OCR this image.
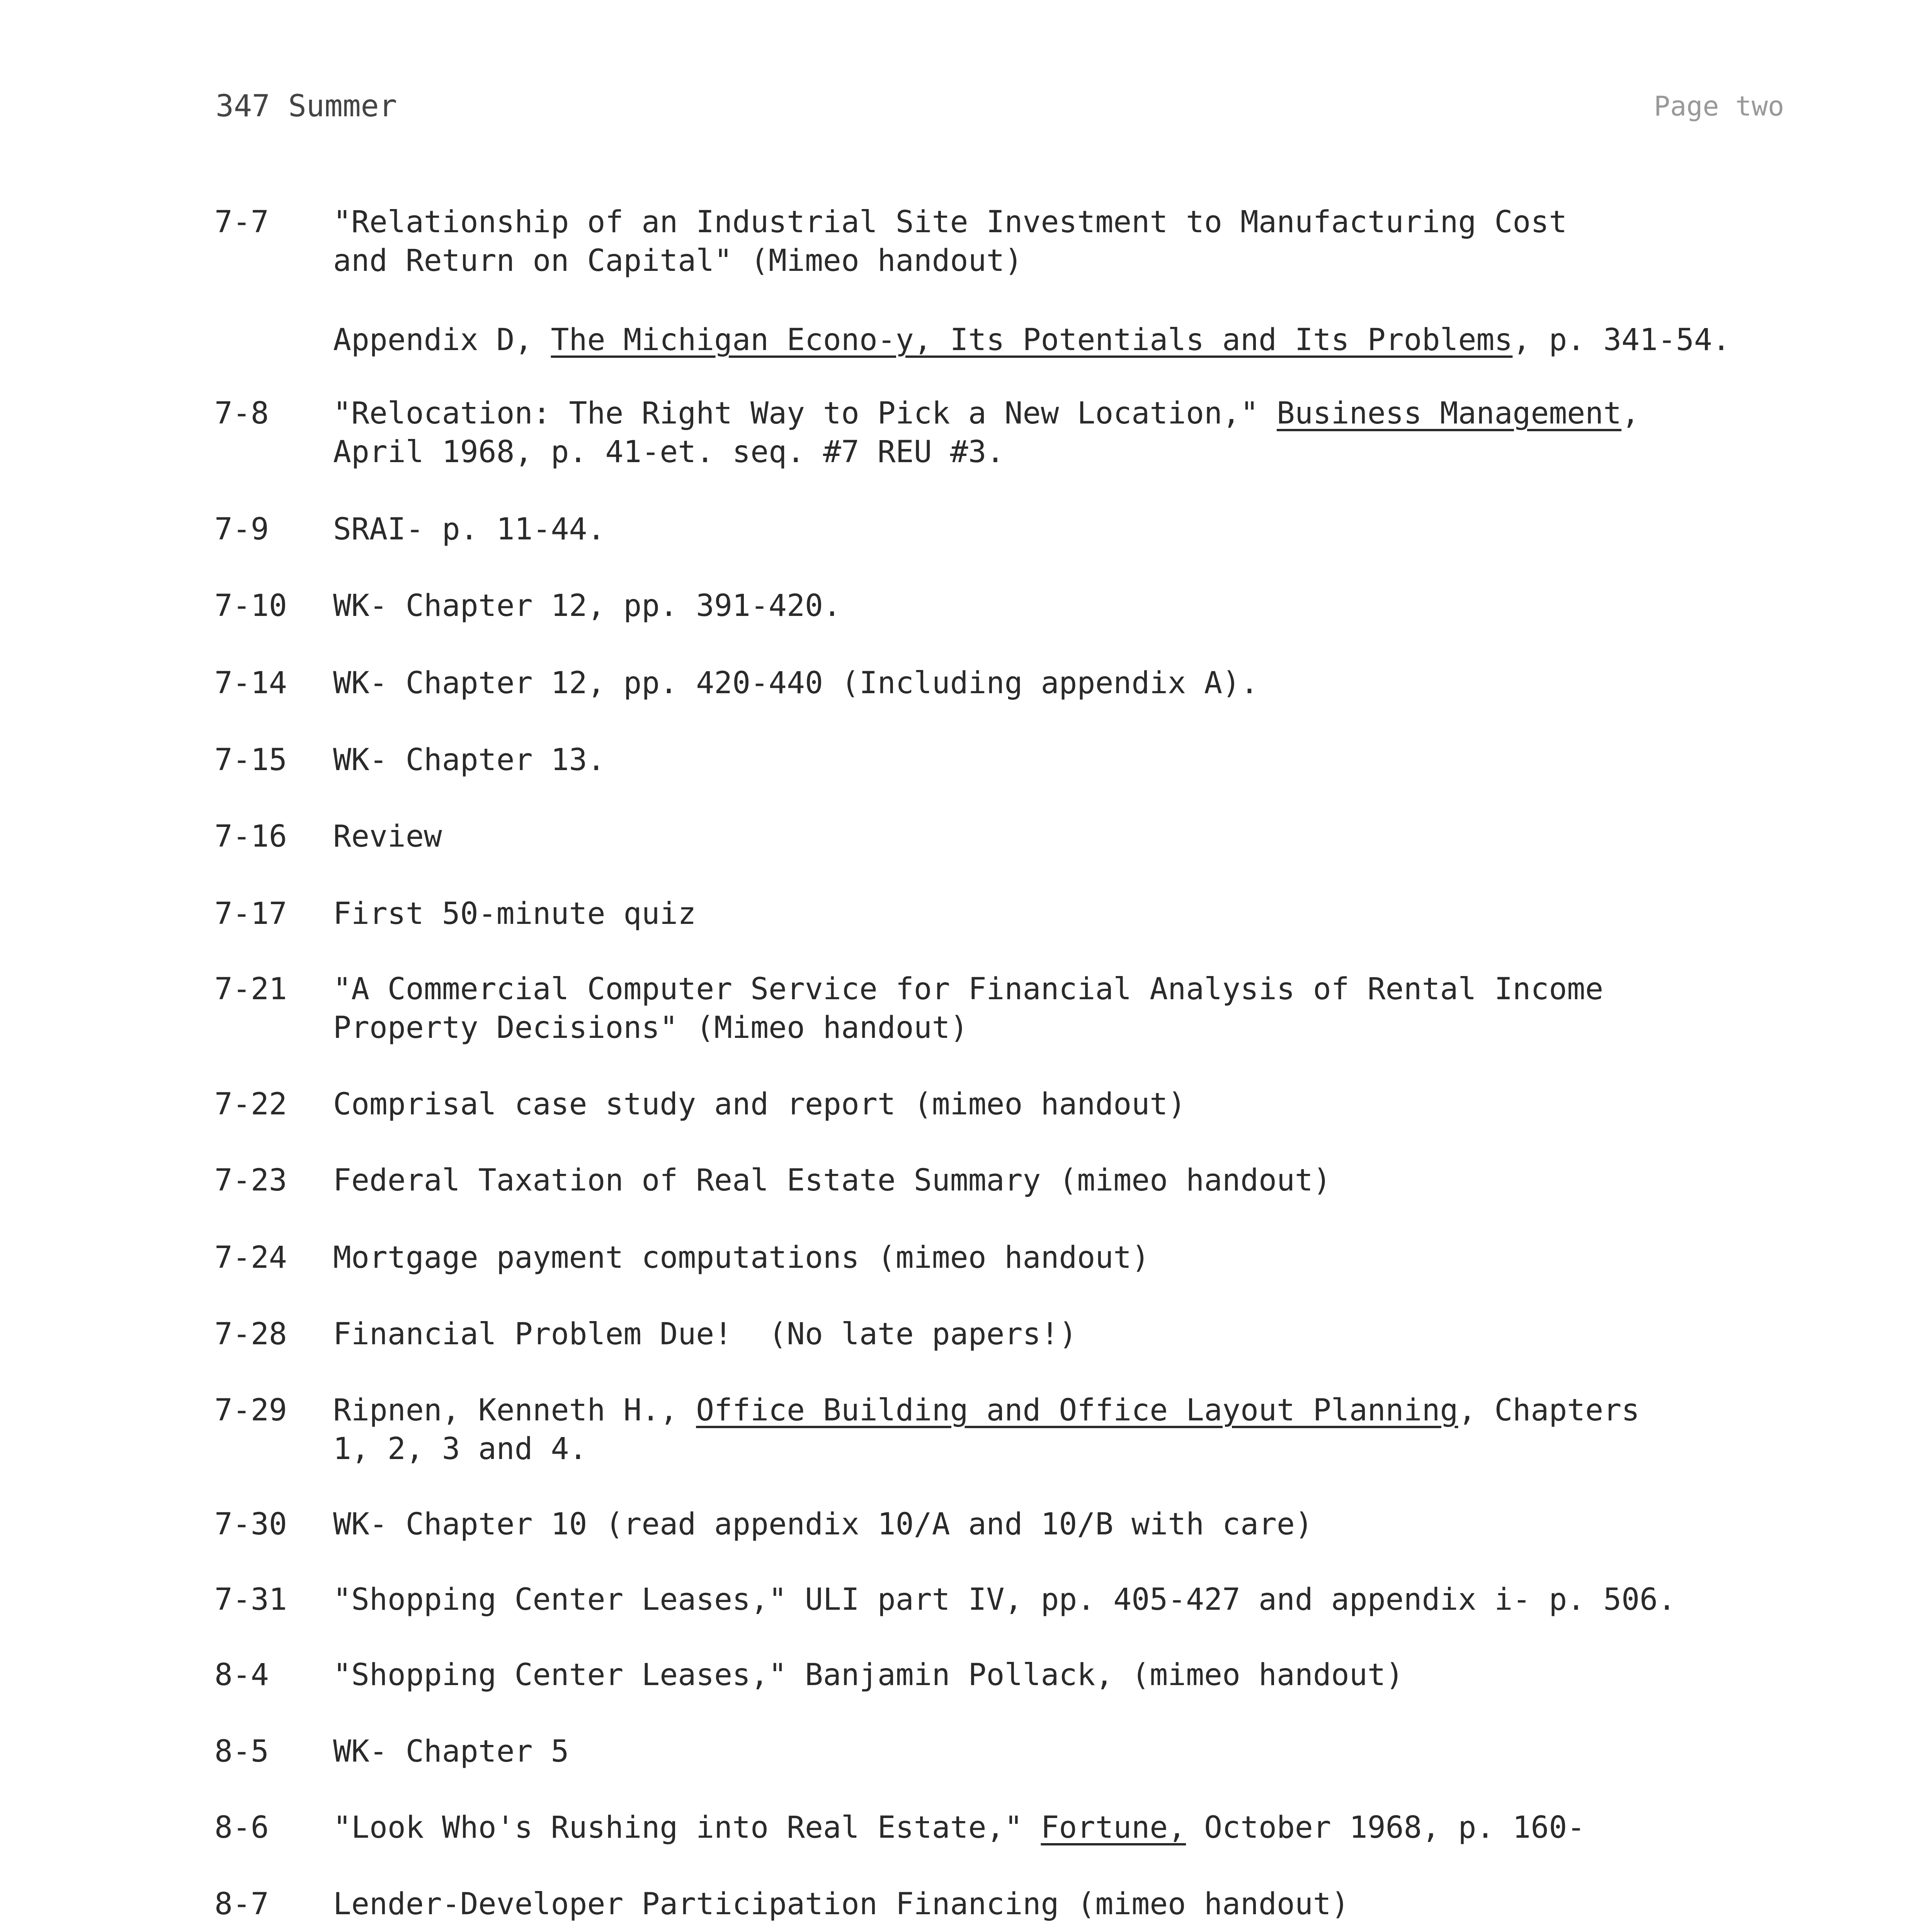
347 Summer	Page two
7-7	"Relationship of an Industrial Site Investment to Manufacturing Cost
and Return on Capital" (Mimeo handout)
Appendix D, The Michigan Econo-y, Its Potentials and Its Problems, p. 341-54.
7-8	"Relocation: The Right Way to Pick a New Location," Business Management,
April 1968, p. 41-et. seq. #7 REU #3.
7-9	SRAI- p. 11-44.
7-10	WK- Chapter 12, pp. 391-420.
7-14	WK- Chapter 12, pp. 420-440 (Including appendix A).
7-15	WK- Chapter 13.
7-16	Review
7-17	First 50-minute quiz
7-21	"A Commercial Computer Service for Financial Analysis of Rental Income
Property Decisions" (Mimeo handout)
7-22	Comprisal case study and report (mimeo handout)
7-23	Federal Taxation of Real Estate Summary (mimeo handout)
7-24	Mortgage payment computations (mimeo handout)
7-28	Financial Problem Due!  (No late papers!)
7-29	Ripnen, Kenneth H., Office Building and Office Layout Planning, Chapters
1, 2, 3 and 4.
7-30	WK- Chapter 10 (read appendix 10/A and 10/B with care)
7-31	"Shopping Center Leases," ULI part IV, pp. 405-427 and appendix i- p. 506.
8-4	"Shopping Center Leases," Banjamin Pollack, (mimeo handout)
8-5	WK- Chapter 5
8-6	"Look Who's Rushing into Real Estate," Fortune, October 1968, p. 160-
8-7	Lender-Developer Participation Financing (mimeo handout)
